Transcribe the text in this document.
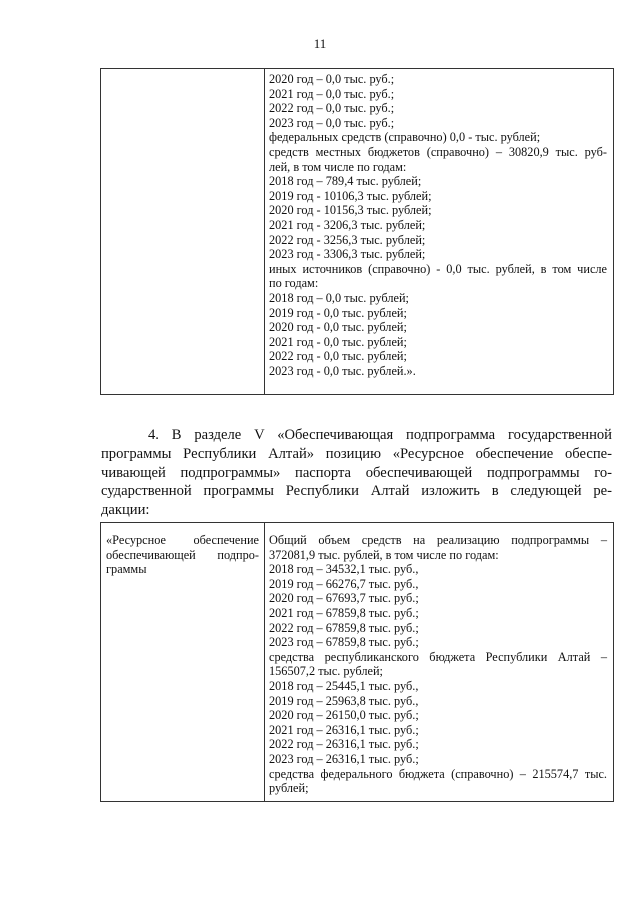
11
2020 год – 0,0 тыс. руб.;
2021 год – 0,0 тыс. руб.;
2022 год – 0,0 тыс. руб.;
2023 год – 0,0 тыс. руб.;
федеральных средств (справочно) 0,0 - тыс. рублей;
средств местных бюджетов (справочно) – 30820,9 тыс. руб-
лей, в том числе по годам:
2018 год – 789,4 тыс. рублей;
2019 год - 10106,3 тыс. рублей;
2020 год - 10156,3 тыс. рублей;
2021 год - 3206,3 тыс. рублей;
2022 год - 3256,3 тыс. рублей;
2023 год - 3306,3 тыс. рублей;
иных источников (справочно) - 0,0 тыс. рублей, в том числе
по годам:
2018 год – 0,0 тыс. рублей;
2019 год - 0,0 тыс. рублей;
2020 год - 0,0 тыс. рублей;
2021 год - 0,0 тыс. рублей;
2022 год - 0,0 тыс. рублей;
2023 год - 0,0 тыс. рублей.».
4. В разделе V «Обеспечивающая подпрограмма государственной
программы Республики Алтай» позицию «Ресурсное обеспечение обеспе-
чивающей подпрограммы» паспорта обеспечивающей подпрограммы го-
сударственной программы Республики Алтай изложить в следующей ре-
дакции:
«Ресурсное обеспечение
обеспечивающей подпро-
граммы
Общий объем средств на реализацию подпрограммы –
372081,9 тыс. рублей, в том числе по годам:
2018 год – 34532,1 тыс. руб.,
2019 год – 66276,7 тыс. руб.,
2020 год – 67693,7 тыс. руб.;
2021 год – 67859,8 тыс. руб.;
2022 год – 67859,8 тыс. руб.;
2023 год – 67859,8 тыс. руб.;
средства республиканского бюджета Республики Алтай –
156507,2 тыс. рублей;
2018 год – 25445,1 тыс. руб.,
2019 год – 25963,8 тыс. руб.,
2020 год – 26150,0 тыс. руб.;
2021 год – 26316,1 тыс. руб.;
2022 год – 26316,1 тыс. руб.;
2023 год – 26316,1 тыс. руб.;
средства федерального бюджета (справочно) – 215574,7 тыс.
рублей;
